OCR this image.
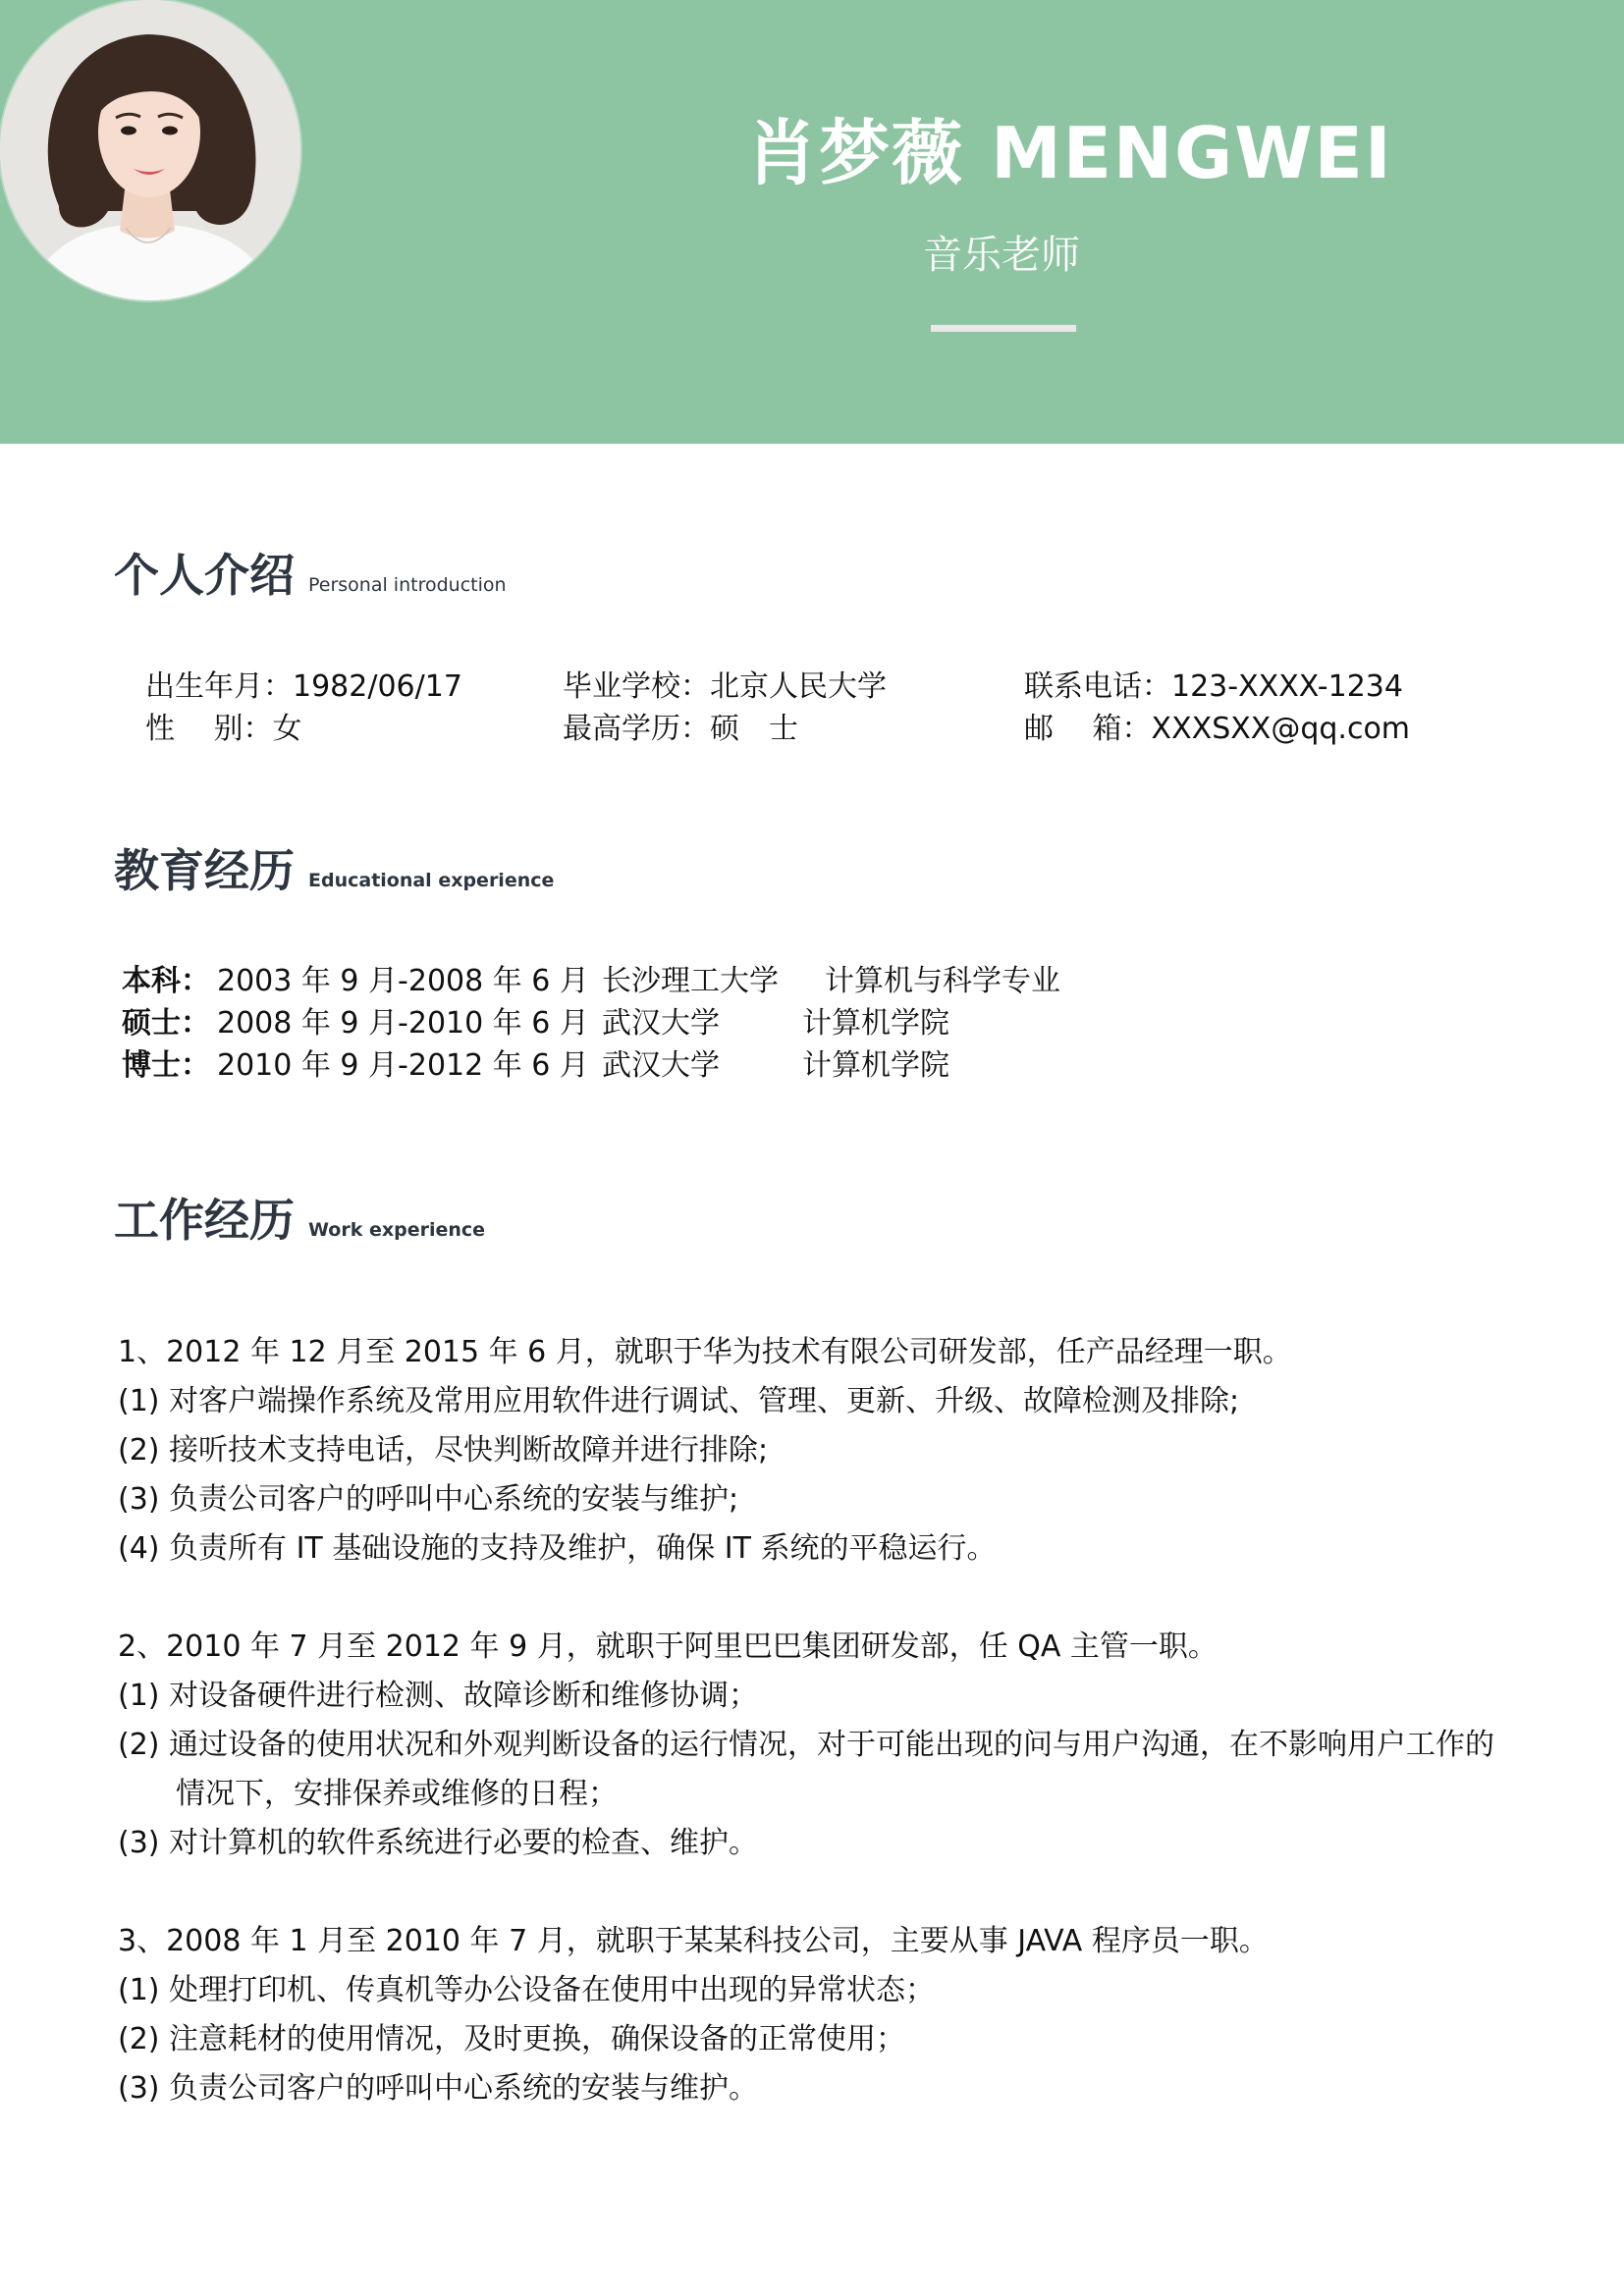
肖梦薇 MENGWEI
音乐老师
个人介绍 Personal introduction
出生年月：1982/06/17
性　 别：女
毕业学校：北京人民大学
最高学历：硕　士
联系电话：123-XXXX-1234
邮　 箱：XXXSXX@qq.com
教育经历 Educational experience
本科： 2003 年 9 月-2008 年 6 月 长沙理工大学 计算机与科学专业
硕士： 2008 年 9 月-2010 年 6 月 武汉大学	计算机学院
博士： 2010 年 9 月-2012 年 6 月 武汉大学	计算机学院
工作经历 Work experience
1、2012 年 12 月至 2015 年 6 月，就职于华为技术有限公司研发部，任产品经理一职。
(1) 对客户端操作系统及常用应用软件进行调试、管理、更新、升级、故障检测及排除;
(2) 接听技术支持电话，尽快判断故障并进行排除;
(3) 负责公司客户的呼叫中心系统的安装与维护;
(4) 负责所有 IT 基础设施的支持及维护，确保 IT 系统的平稳运行。
2、2010 年 7 月至 2012 年 9 月，就职于阿里巴巴集团研发部，任 QA 主管一职。
(1) 对设备硬件进行检测、故障诊断和维修协调；
(2) 通过设备的使用状况和外观判断设备的运行情况，对于可能出现的问与用户沟通，在不影响用户工作的
情况下，安排保养或维修的日程；
(3) 对计算机的软件系统进行必要的检查、维护。
3、2008 年 1 月至 2010 年 7 月，就职于某某科技公司，主要从事 JAVA 程序员一职。
(1) 处理打印机、传真机等办公设备在使用中出现的异常状态；
(2) 注意耗材的使用情况，及时更换，确保设备的正常使用；
(3) 负责公司客户的呼叫中心系统的安装与维护。
